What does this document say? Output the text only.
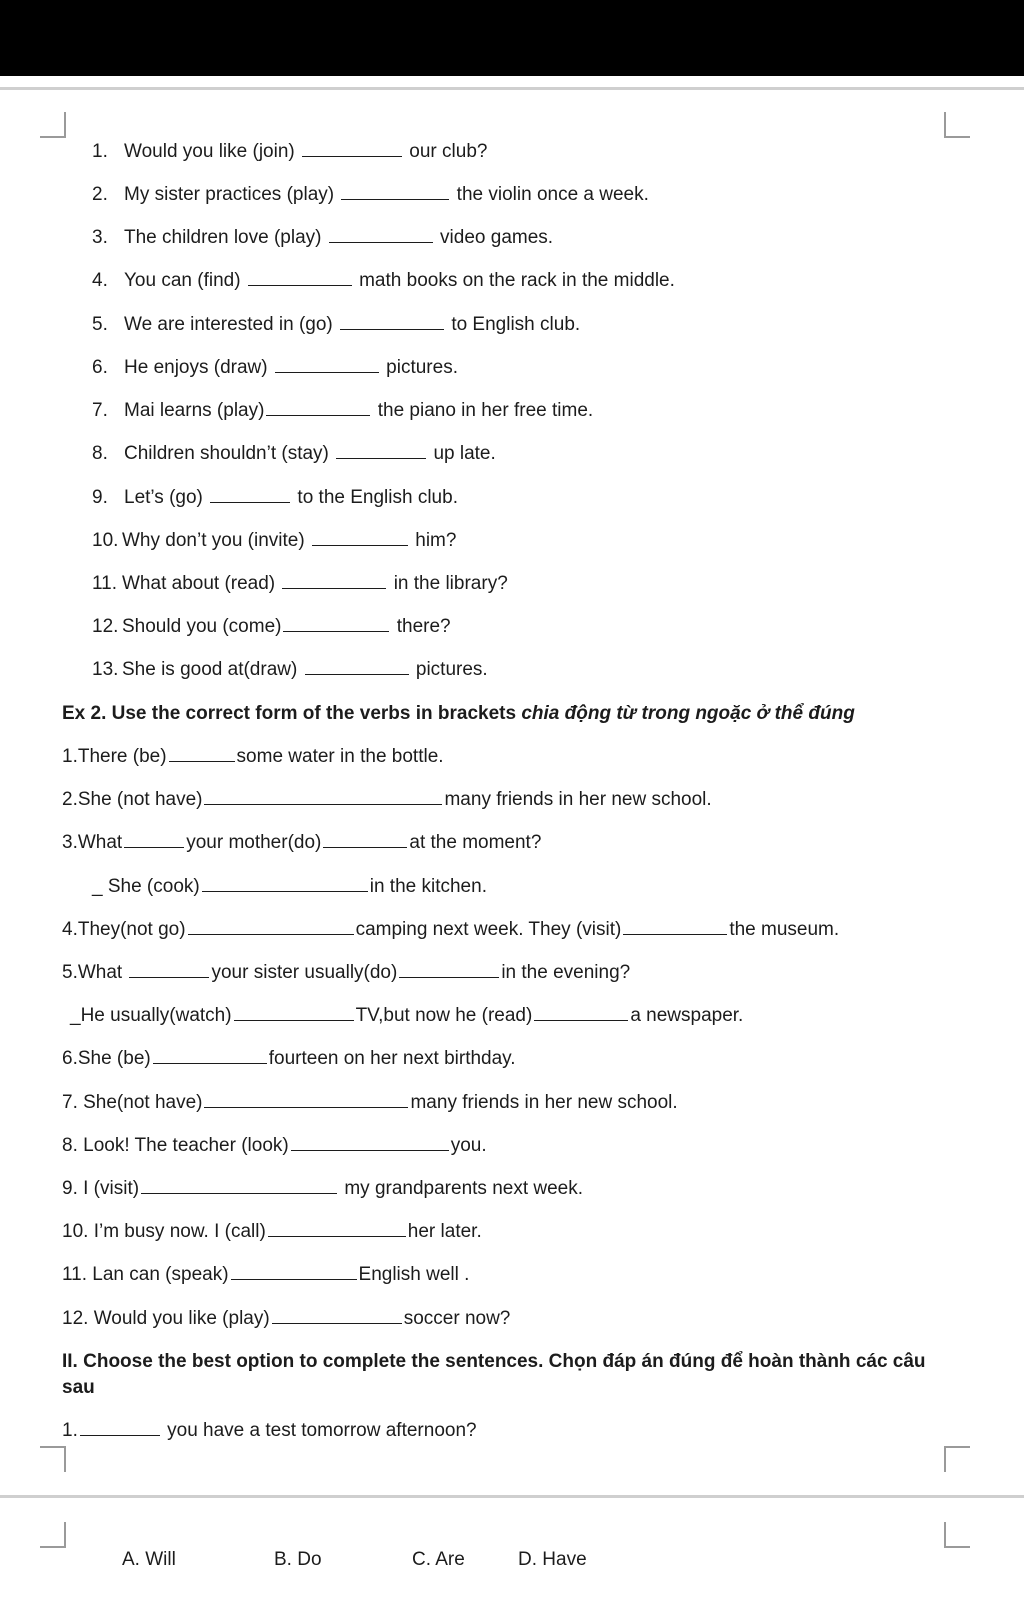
1. Would you like (join)	our club?
2. My sister practices (play)	the violin once a week.
3. The children love (play)	video games.
4. You can (find)	math books on the rack in the middle.
5. We are interested in (go)	to English club.
6. He enjoys (draw)	pictures.
7. Mai learns (play)	the piano in her free time.
8. Children shouldn’t (stay)	up late.
9. Let’s (go)	to the English club.
10. Why don’t you (invite)	him?
11. What about (read)	in the library?
12. Should you (come)	there?
13. She is good at(draw)	pictures.
Ex 2. Use the correct form of the verbs in brackets chia động từ trong ngoặc ở thể đúng
1.There (be)	some water in the bottle.
2.She (not have)	many friends in her new school.
3.What	your mother(do)	at the moment?
_ She (cook)	in the kitchen.
4.They(not go)	camping next week. They (visit)	the museum.
5.What	your sister usually(do)	in the evening?
_He usually(watch)	TV,but now he (read)	a newspaper.
6.She (be)	fourteen on her next birthday.
7. She(not have)	many friends in her new school.
8. Look! The teacher (look)	you.
9. I (visit)	my grandparents next week.
10. I’m busy now. I (call)	her later.
11. Lan can (speak)	English well .
12. Would you like (play)	soccer now?
II. Choose the best option to complete the sentences. Chọn đáp án đúng để hoàn thành các câu
sau
1.	you have a test tomorrow afternoon?
A. Will	B. Do	C. Are	D. Have
